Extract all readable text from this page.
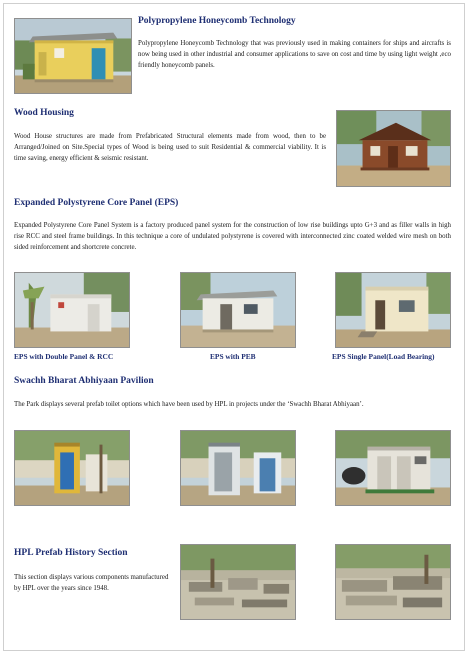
Polypropylene Honeycomb Technology
Polypropylene Honeycomb Technology that was previously used in making containers for ships and aircrafts is now being used in other industrial and consumer applications to save on cost and time by using light weight ,eco friendly honeycomb panels.
Wood Housing
Wood House structures are made from Prefabricated Structural elements made from wood, then to be Arranged/Joined on Site.Special types of Wood is being used to suit Residential & commercial viability. It is time saving, energy efficient & seismic resistant.
Expanded Polystyrene Core Panel (EPS)
Expanded Polystyrene Core Panel System is a factory produced panel system for the construction of low rise buildings upto G+3 and as filler walls in high rise RCC and steel frame buildings. In this technique a core of undulated polystyrene is covered with interconnected zinc coated welded wire mesh on both sided reinforcement and shortcrete concrete.
EPS with Double Panel & RCC	EPS with PEB	EPS Single Panel(Load Bearing)
Swachh Bharat Abhiyaan Pavilion
The Park displays several prefab toilet options which have been used by HPL in projects under the ‘Swachh Bharat Abhiyaan’.
HPL Prefab History Section
This section displays various components manufactured by HPL over the years since 1948.
